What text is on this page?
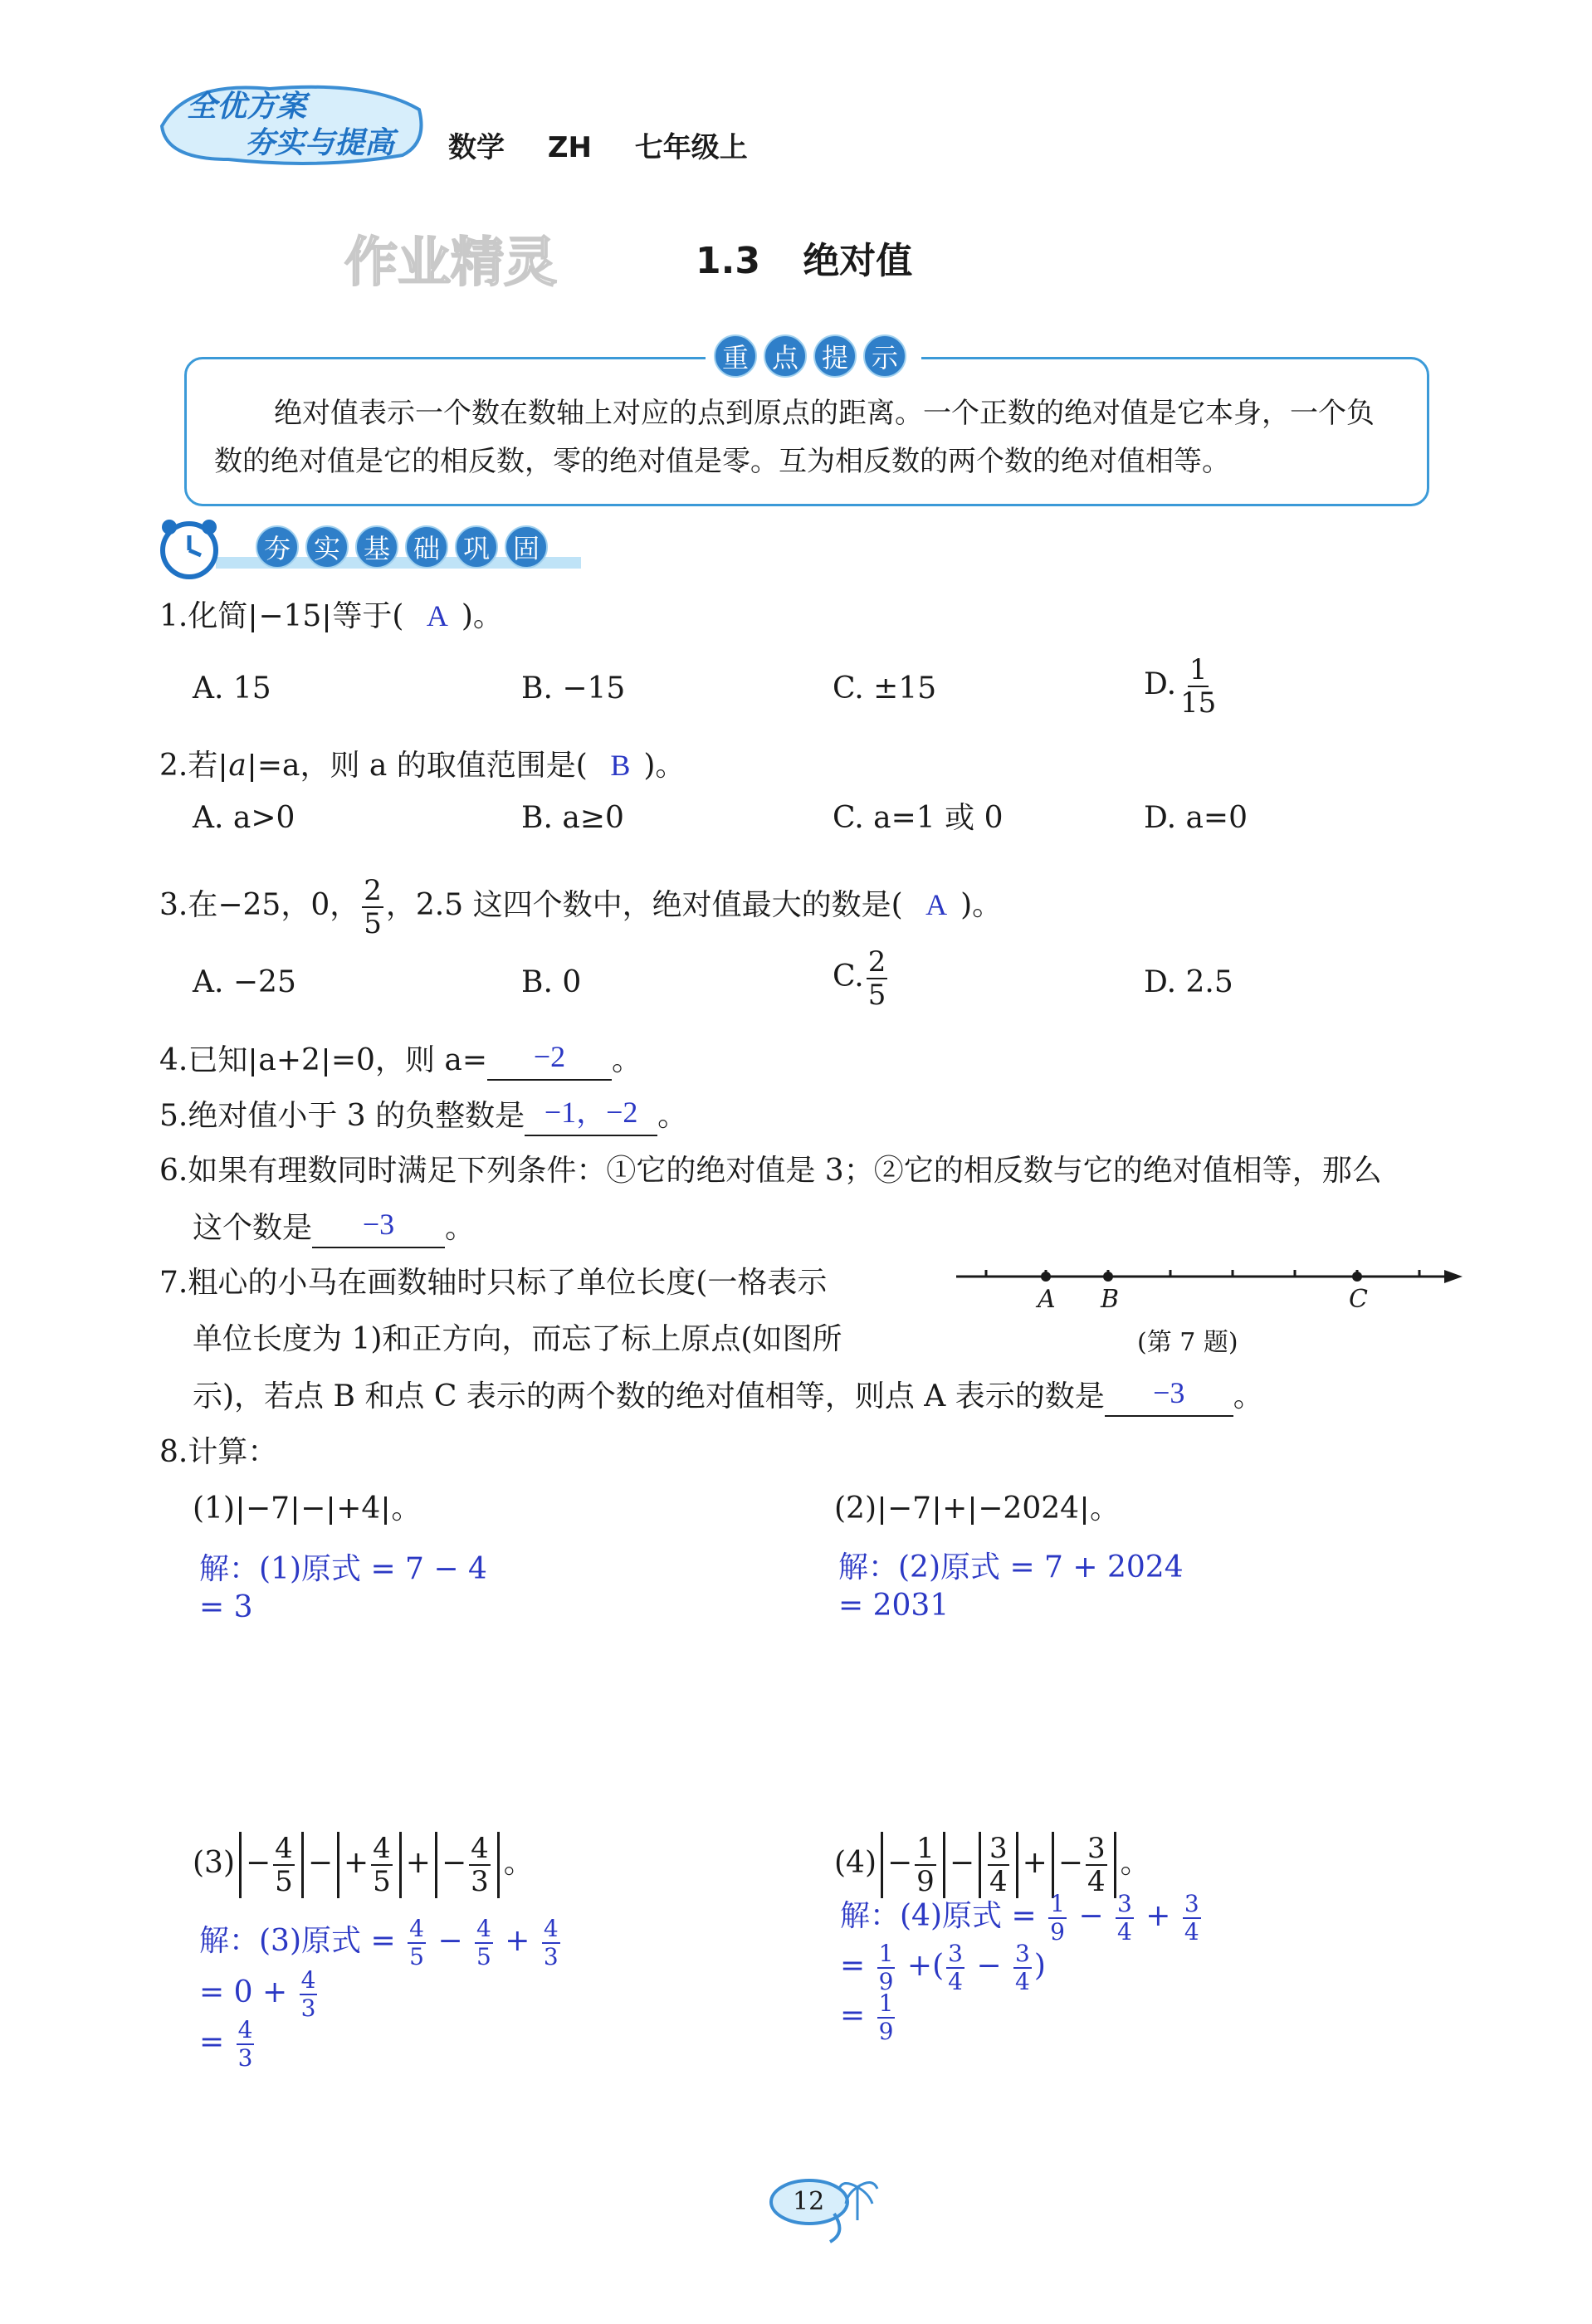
全优方案
夯实与提高 数学 ZH 七年级上
作业精灵	1.3 绝对值
重 点 提 示
绝对值表示一个数在数轴上对应的点到原点的距离。一个正数的绝对值是它本身，一个负
数的绝对值是它的相反数，零的绝对值是零。互为相反数的两个数的绝对值相等。
夯 实 基 础 巩 固
1.化简 −15 等于( A )。
A. 15	B. −15	C. ±15	D. $\frac{1}{15}$
2.若 a =a，则 a 的取值范围是( B )。
A. a>0	B. a≥0	C. a=1 或 0	D. a=0
3.在−25，0， $\frac{2}{5}$ ，2.5 这四个数中，绝对值最大的数是( A )。
A. −25	B. 0	C. $\frac{2}{5}$	D. 2.5
4.已知 a+2 =0，则 a= −2 。
5.绝对值小于 3 的负整数是 −1，−2 。
6.如果有理数同时满足下列条件：①它的绝对值是 3；②它的相反数与它的绝对值相等，那么
这个数是 −3 。
7.粗心的小马在画数轴时只标了单位长度(一格表示
单位长度为 1)和正方向，而忘了标上原点(如图所
示)，若点 B 和点 C 表示的两个数的绝对值相等，则点 A 表示的数是 −3 。
A B	C
(第 7 题)
8.计算：
(1) −7 − +4 。
解：(1)原式 = 7 − 4
= 3
(2) −7 + −2024 。
解：(2)原式 = 7 + 2024
= 2031
$(3) - \frac{4}{5}$ − + $\frac{4}{5}$ + − $\frac{4}{3}$ 。
解：(3)原式 = $\frac{4}{5} - \frac{4}{5} + \frac{4}{3}$
= $0 + \frac{4}{3}$
= $\frac{4}{3}$
$(4) - \frac{1}{9} - \frac{3}{4}$ + − $\frac{3}{4}$ 。
解：(4)原式 = $\frac{1}{9} - \frac{3}{4} + \frac{3}{4}$
= $\frac{1}{9}$ +( $\frac{3}{4} - \frac{3}{4}$ )
= $\frac{1}{9}$
12
